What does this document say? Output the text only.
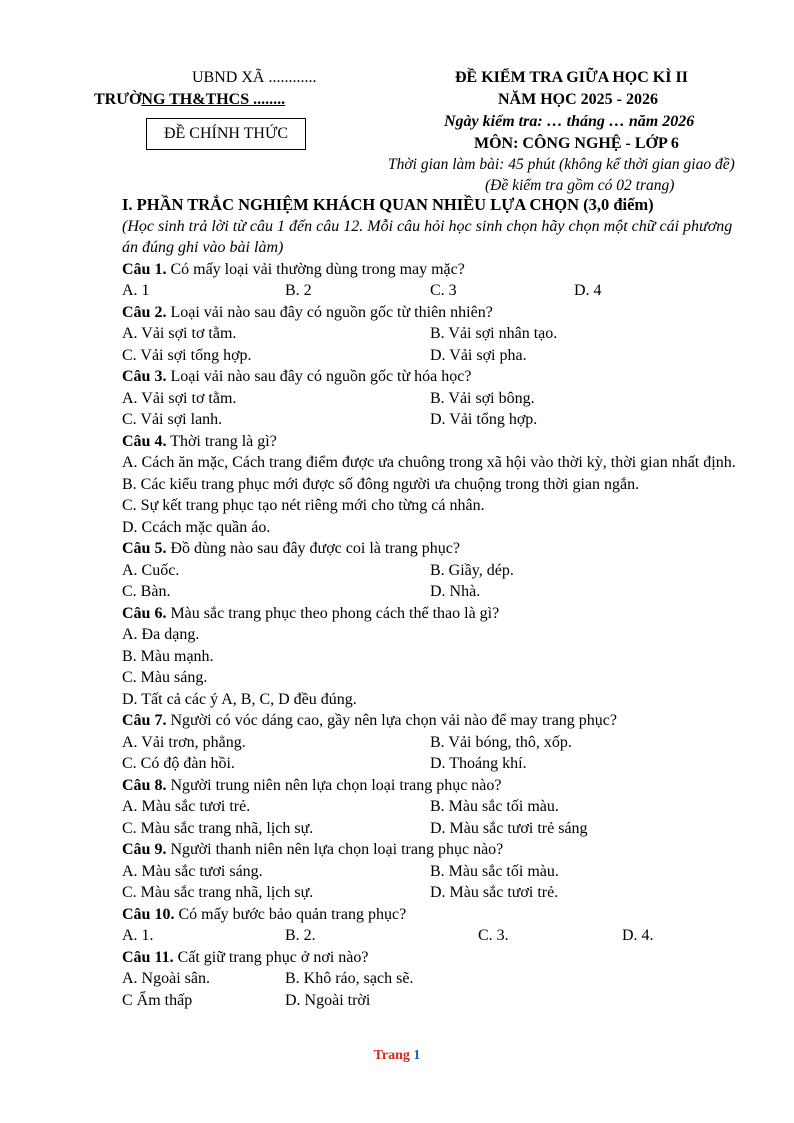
UBND XÃ ............
TRƯỜNG TH&THCS ........
ĐỀ CHÍNH THỨC
ĐỀ KIỂM TRA GIỮA HỌC KÌ II
NĂM HỌC 2025 - 2026
Ngày kiểm tra: … tháng … năm 2026
MÔN: CÔNG NGHỆ - LỚP 6
Thời gian làm bài: 45 phút (không kể thời gian giao đề)
(Đề kiểm tra gồm có 02 trang)
I. PHẦN TRẮC NGHIỆM KHÁCH QUAN NHIỀU LỰA CHỌN (3,0 điểm)
(Học sinh trả lời từ câu 1 đến câu 12. Mỗi câu hỏi học sinh chọn hãy chọn một chữ cái phương án đúng ghi vào bài làm)
Câu 1. Có mấy loại vải thường dùng trong may mặc?
A. 1	B. 2	C. 3	D. 4
Câu 2. Loại vải nào sau đây có nguồn gốc từ thiên nhiên?
A. Vải sợi tơ tằm.	B. Vải sợi nhân tạo.
C. Vải sợi tổng hợp.	D. Vải sợi pha.
Câu 3. Loại vải nào sau đây có nguồn gốc từ hóa học?
A. Vải sợi tơ tằm.	B. Vải sợi bông.
C. Vải sợi lanh.	D. Vải tổng hợp.
Câu 4. Thời trang là gì?
A. Cách ăn mặc, Cách trang điểm được ưa chuông trong xã hội vào thời kỳ, thời gian nhất định.
B. Các kiểu trang phục mới được số đông người ưa chuộng trong thời gian ngắn.
C. Sự kết trang phục tạo nét riêng mới cho từng cá nhân.
D. Ccách mặc quần áo.
Câu 5. Đồ dùng nào sau đây được coi là trang phục?
A. Cuốc.	B. Giầy, dép.
C. Bàn.	D. Nhà.
Câu 6. Màu sắc trang phục theo phong cách thể thao là gì?
A. Đa dạng.
B. Màu mạnh.
C. Màu sáng.
D. Tất cả các ý A, B, C, D đều đúng.
Câu 7. Người có vóc dáng cao, gầy nên lựa chọn vải nào để may trang phục?
A. Vải trơn, phẳng.	B. Vải bóng, thô, xốp.
C. Có độ đàn hồi.	D. Thoáng khí.
Câu 8. Người trung niên nên lựa chọn loại trang phục nào?
A. Màu sắc tươi trẻ.	B. Màu sắc tối màu.
C. Màu sắc trang nhã, lịch sự.	D. Màu sắc tươi trẻ sáng
Câu 9. Người thanh niên nên lựa chọn loại trang phục nào?
A. Màu sắc tươi sáng.	B. Màu sắc tối màu.
C. Màu sắc trang nhã, lịch sự.	D. Màu sắc tươi trẻ.
Câu 10. Có mấy bước bảo quản trang phục?
A. 1.	B. 2.	C. 3.	D. 4.
Câu 11. Cất giữ trang phục ở nơi nào?
A. Ngoài sân.	B. Khô ráo, sạch sẽ.
C Ẩm thấp	D. Ngoài trời
Trang 1
